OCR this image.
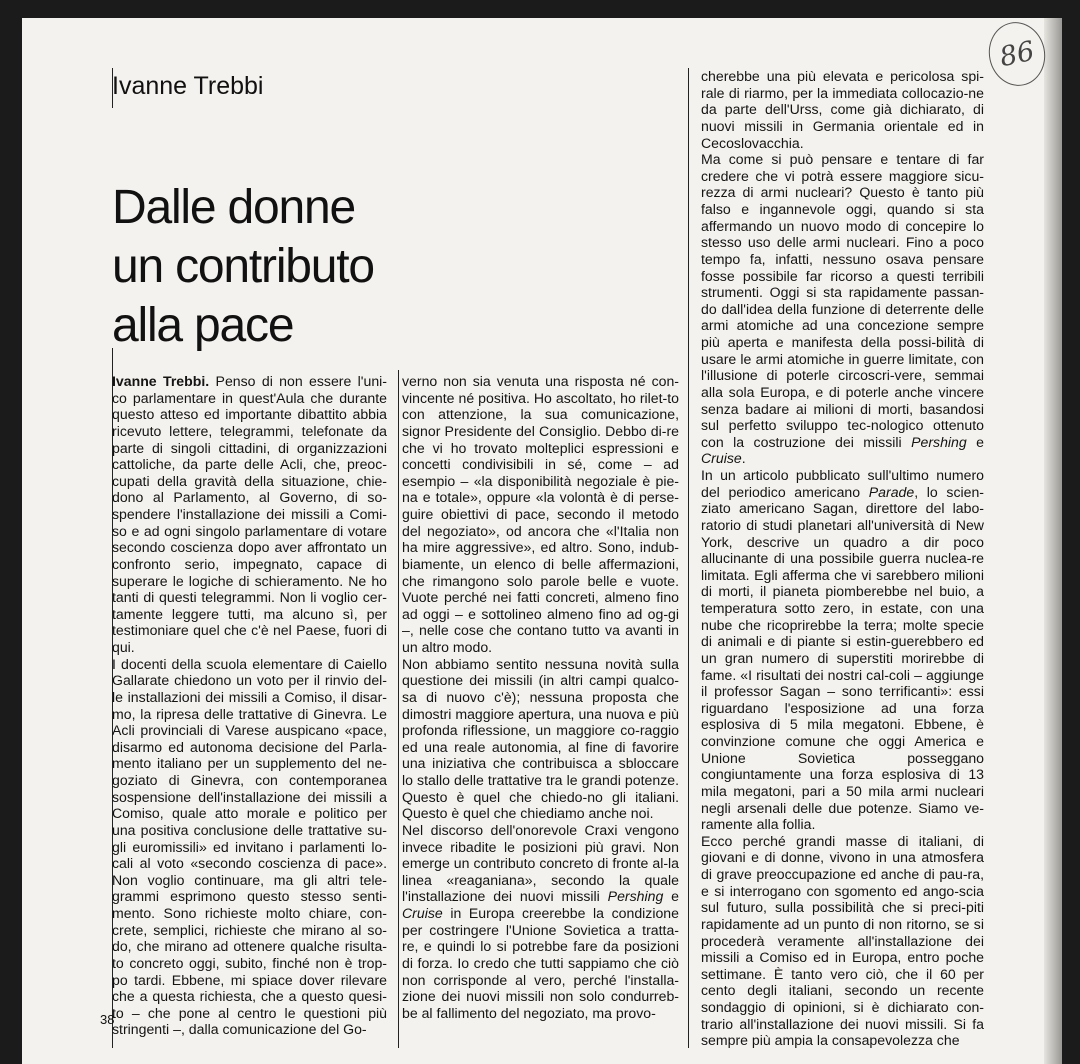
86
Ivanne Trebbi
Dalle donne
un contributo
alla pace

Ivanne Trebbi. Penso di non essere l'uni-co parlamentare in quest'Aula che durante questo atteso ed importante dibattito abbia ricevuto lettere, telegrammi, telefonate da parte di singoli cittadini, di organizzazioni cattoliche, da parte delle Acli, che, preoc-cupati della gravità della situazione, chie-dono al Parlamento, al Governo, di so-spendere l'installazione dei missili a Comi-so e ad ogni singolo parlamentare di votare secondo coscienza dopo aver affrontato un confronto serio, impegnato, capace di superare le logiche di schieramento. Ne ho tanti di questi telegrammi. Non li voglio cer-tamente leggere tutti, ma alcuno sì, per testimoniare quel che c'è nel Paese, fuori di qui.

I docenti della scuola elementare di Caiello Gallarate chiedono un voto per il rinvio del-le installazioni dei missili a Comiso, il disar-mo, la ripresa delle trattative di Ginevra. Le Acli provinciali di Varese auspicano «pace, disarmo ed autonoma decisione del Parla-mento italiano per un supplemento del ne-goziato di Ginevra, con contemporanea sospensione dell'installazione dei missili a Comiso, quale atto morale e politico per una positiva conclusione delle trattative su-gli euromissili» ed invitano i parlamenti lo-cali al voto «secondo coscienza di pace». Non voglio continuare, ma gli altri tele-grammi esprimono questo stesso senti-mento. Sono richieste molto chiare, con-crete, semplici, richieste che mirano al so-do, che mirano ad ottenere qualche risulta-to concreto oggi, subito, finché non è trop-po tardi. Ebbene, mi spiace dover rilevare che a questa richiesta, che a questo quesi-to – che pone al centro le questioni più stringenti –, dalla comunicazione del Go-

verno non sia venuta una risposta né con-vincente né positiva. Ho ascoltato, ho rilet-to con attenzione, la sua comunicazione, signor Presidente del Consiglio. Debbo di-re che vi ho trovato molteplici espressioni e concetti condivisibili in sé, come – ad esempio – «la disponibilità negoziale è pie-na e totale», oppure «la volontà è di perse-guire obiettivi di pace, secondo il metodo del negoziato», od ancora che «l'Italia non ha mire aggressive», ed altro. Sono, indub-biamente, un elenco di belle affermazioni, che rimangono solo parole belle e vuote. Vuote perché nei fatti concreti, almeno fino ad oggi – e sottolineo almeno fino ad og-gi –, nelle cose che contano tutto va avanti in un altro modo.

Non abbiamo sentito nessuna novità sulla questione dei missili (in altri campi qualco-sa di nuovo c'è); nessuna proposta che dimostri maggiore apertura, una nuova e più profonda riflessione, un maggiore co-raggio ed una reale autonomia, al fine di favorire una iniziativa che contribuisca a sbloccare lo stallo delle trattative tra le grandi potenze. Questo è quel che chiedo-no gli italiani. Questo è quel che chiediamo anche noi.

Nel discorso dell'onorevole Craxi vengono invece ribadite le posizioni più gravi. Non emerge un contributo concreto di fronte al-la linea «reaganiana», secondo la quale l'installazione dei nuovi missili Pershing e Cruise in Europa creerebbe la condizione per costringere l'Unione Sovietica a tratta-re, e quindi lo si potrebbe fare da posizioni di forza. Io credo che tutti sappiamo che ciò non corrisponde al vero, perché l'installa-zione dei nuovi missili non solo condurreb-be al fallimento del negoziato, ma provo-

cherebbe una più elevata e pericolosa spi-rale di riarmo, per la immediata collocazio-ne da parte dell'Urss, come già dichiarato, di nuovi missili in Germania orientale ed in Cecoslovacchia.

Ma come si può pensare e tentare di far credere che vi potrà essere maggiore sicu-rezza di armi nucleari? Questo è tanto più falso e ingannevole oggi, quando si sta affermando un nuovo modo di concepire lo stesso uso delle armi nucleari. Fino a poco tempo fa, infatti, nessuno osava pensare fosse possibile far ricorso a questi terribili strumenti. Oggi si sta rapidamente passan-do dall'idea della funzione di deterrente delle armi atomiche ad una concezione sempre più aperta e manifesta della possi-bilità di usare le armi atomiche in guerre limitate, con l'illusione di poterle circoscri-vere, semmai alla sola Europa, e di poterle anche vincere senza badare ai milioni di morti, basandosi sul perfetto sviluppo tec-nologico ottenuto con la costruzione dei missili Pershing e Cruise.

In un articolo pubblicato sull'ultimo numero del periodico americano Parade, lo scien-ziato americano Sagan, direttore del labo-ratorio di studi planetari all'università di New York, descrive un quadro a dir poco allucinante di una possibile guerra nuclea-re limitata. Egli afferma che vi sarebbero milioni di morti, il pianeta piomberebbe nel buio, a temperatura sotto zero, in estate, con una nube che ricoprirebbe la terra; molte specie di animali e di piante si estin-guerebbero ed un gran numero di superstiti morirebbe di fame. «I risultati dei nostri cal-coli – aggiunge il professor Sagan – sono terrificanti»: essi riguardano l'esposizione ad una forza esplosiva di 5 mila megatoni. Ebbene, è convinzione comune che oggi America e Unione Sovietica posseggano congiuntamente una forza esplosiva di 13 mila megatoni, pari a 50 mila armi nucleari negli arsenali delle due potenze. Siamo ve-ramente alla follia.

Ecco perché grandi masse di italiani, di giovani e di donne, vivono in una atmosfera di grave preoccupazione ed anche di pau-ra, e si interrogano con sgomento ed ango-scia sul futuro, sulla possibilità che si preci-piti rapidamente ad un punto di non ritorno, se si procederà veramente all'installazione dei missili a Comiso ed in Europa, entro poche settimane. È tanto vero ciò, che il 60 per cento degli italiani, secondo un recente sondaggio di opinioni, si è dichiarato con-trario all'installazione dei nuovi missili. Si fa sempre più ampia la consapevolezza che

38
